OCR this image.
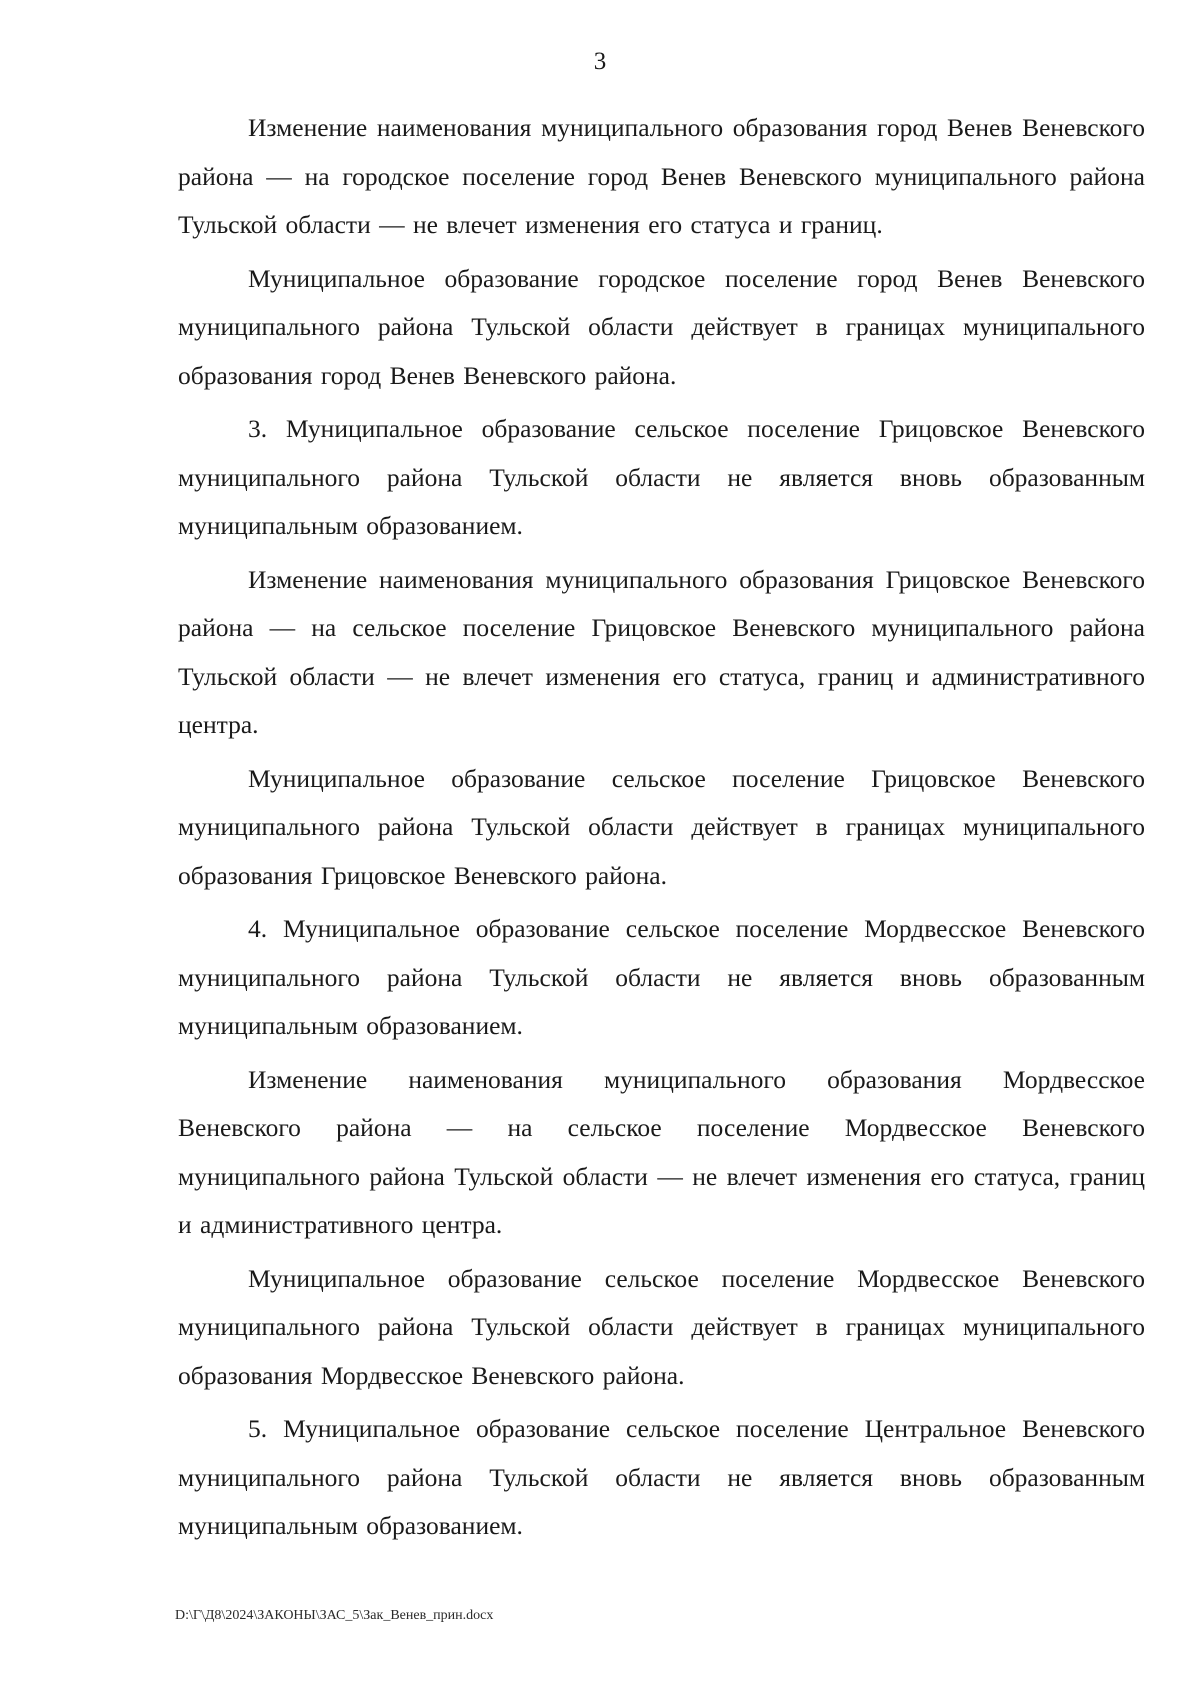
3

Изменение наименования муниципального образования город Венев Веневского района — на городское поселение город Венев Веневского муниципального района Тульской области — не влечет изменения его статуса и границ.

Муниципальное образование городское поселение город Венев Веневского муниципального района Тульской области действует в границах муниципального образования город Венев Веневского района.

3. Муниципальное образование сельское поселение Грицовское Веневского муниципального района Тульской области не является вновь образованным муниципальным образованием.

Изменение наименования муниципального образования Грицовское Веневского района — на сельское поселение Грицовское Веневского муниципального района Тульской области — не влечет изменения его статуса, границ и административного центра.

Муниципальное образование сельское поселение Грицовское Веневского муниципального района Тульской области действует в границах муниципального образования Грицовское Веневского района.

4. Муниципальное образование сельское поселение Мордвесское Веневского муниципального района Тульской области не является вновь образованным муниципальным образованием.

Изменение наименования муниципального образования Мордвесское Веневского района — на сельское поселение Мордвесское Веневского муниципального района Тульской области — не влечет изменения его статуса, границ и административного центра.

Муниципальное образование сельское поселение Мордвесское Веневского муниципального района Тульской области действует в границах муниципального образования Мордвесское Веневского района.

5. Муниципальное образование сельское поселение Центральное Веневского муниципального района Тульской области не является вновь образованным муниципальным образованием.

D:\Г\Д8\2024\ЗАКОНЫ\ЗАС_5\Зак_Венев_прин.docx
